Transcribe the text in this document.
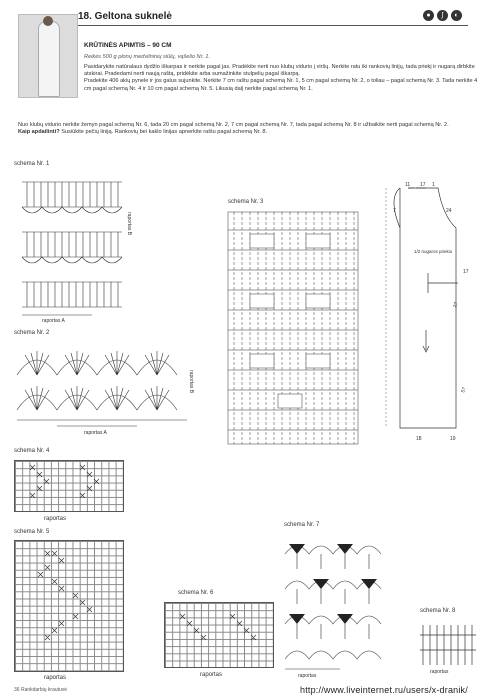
18. Geltona suknelė	●	∫	◐
KRŪTINĖS APIMTIS – 90 CM
Reikės 500 g plonų medvilninių siūlų, vąšelio Nr. 1.
Pasidarykite natūralaus dydžio iškarpas ir nerkite pagal jas. Pradėkite nerti nuo klubų vidurio į viršų. Nerkite ratu iki rankovių linijų, tada priekį ir nugarą dirbkite atskirai. Pradedami nerti naują raštą, pridėkite arba sumažinkite stulpelių pagal iškarpą.
Pradekite 406 akių pynele ir jos galus sujunkite. Nerkite 7 cm raštu pagal schemą Nr. 1, 5 cm pagal schemą Nr. 2, o toliau – pagal schemą Nr. 3. Tada nerkite 4 cm pagal schemą Nr. 4 ir 10 cm pagal schemą Nr. 5. Likusią dalį nerkite pagal schemą Nr. 1.
Nuo klubų vidurio nerkite žemyn pagal schemą Nr. 6, tada 20 cm pagal schemą Nr. 2, 7 cm pagal schemą Nr. 7, tada pagal schemą Nr. 8 ir užbaikite nerti pagal schemą Nr. 2.
Kaip apdailinti? Susiūkite pečių liniją. Rankovių bei kaklo linijas apnerkite raštu pagal schemą Nr. 8.
schema Nr. 1
raportas A
raportas B
schema Nr. 2
raportas A
raportas B
schema Nr. 3
11 17 1
7	24
17
27
57
1/2 nugaros priekio
18	19
schema Nr. 4
raportas
schema Nr. 5
raportas
schema Nr. 6
raportas
schema Nr. 7
raportas
schema Nr. 8
raportas
36 Rankdarbių krautuvė	http://www.liveinternet.ru/users/x-dranik/
